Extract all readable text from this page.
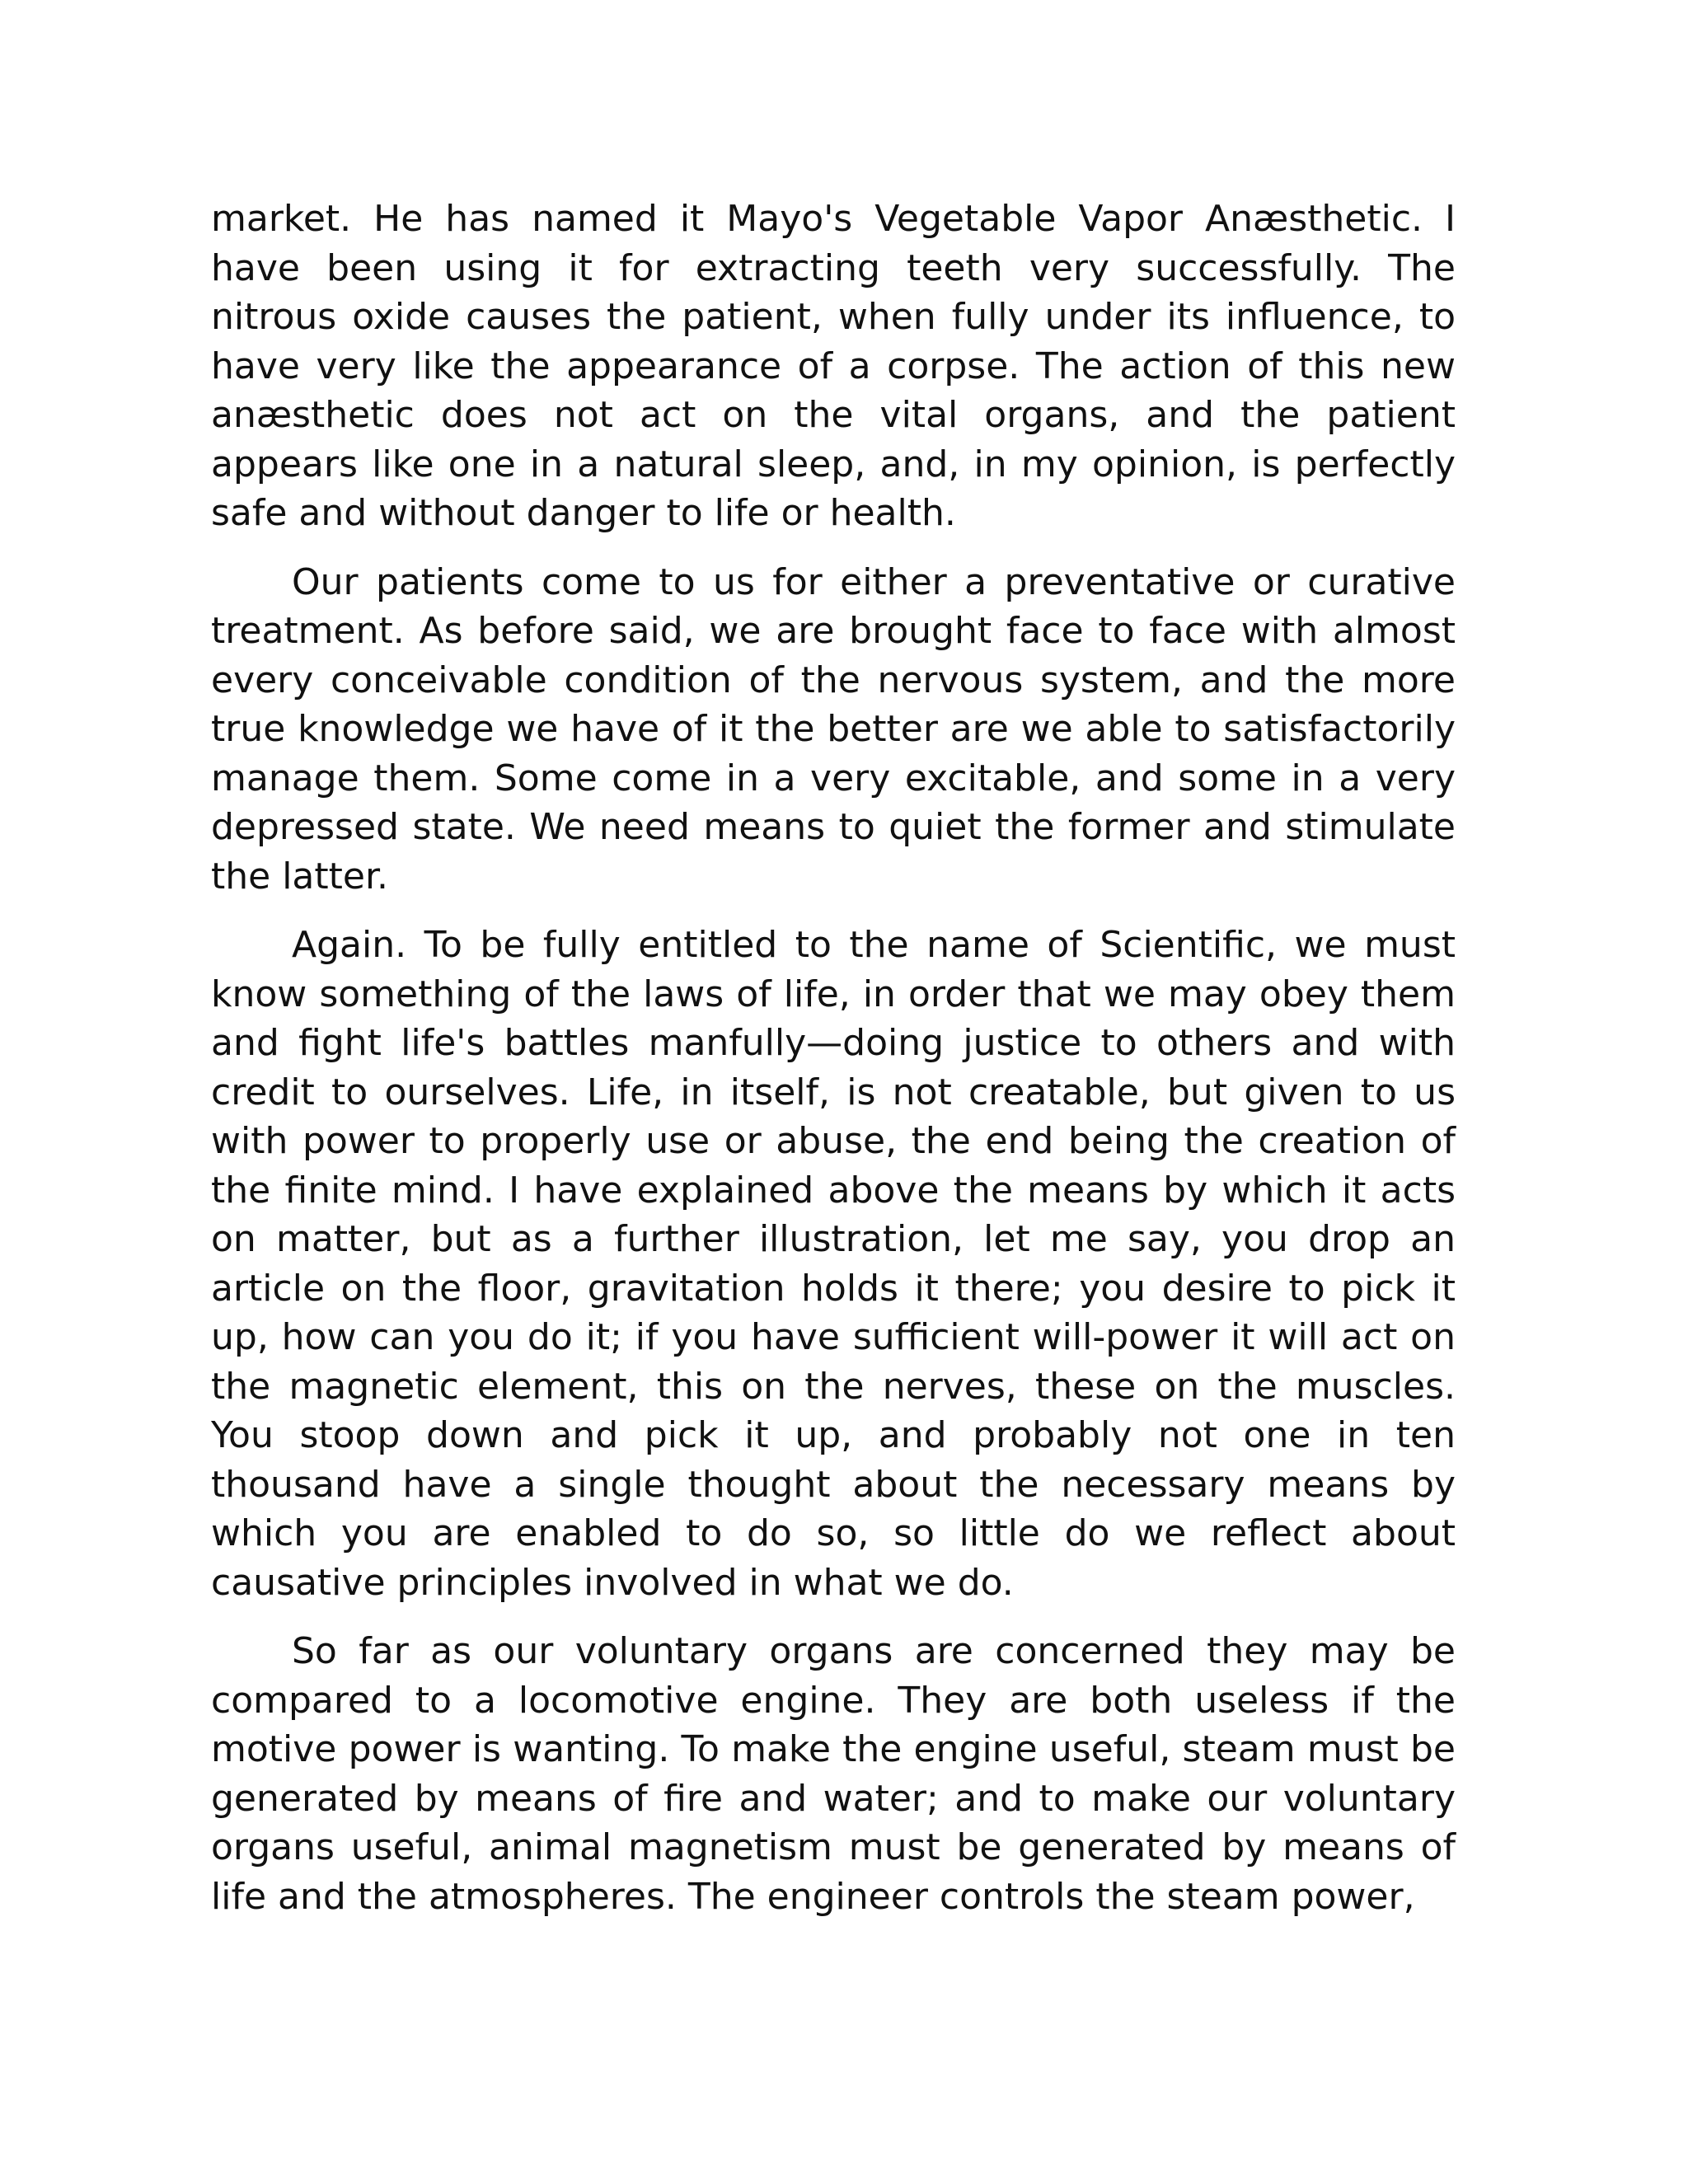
market. He has named it Mayo's Vegetable Vapor Anæsthetic. I have been using it for extracting teeth very successfully. The nitrous oxide causes the patient, when fully under its influence, to have very like the appearance of a corpse. The action of this new anæsthetic does not act on the vital organs, and the patient appears like one in a natural sleep, and, in my opinion, is perfectly safe and without danger to life or health.

Our patients come to us for either a preventative or curative treatment. As before said, we are brought face to face with almost every conceivable condition of the nervous system, and the more true knowledge we have of it the better are we able to satisfactorily manage them. Some come in a very excitable, and some in a very depressed state. We need means to quiet the former and stimulate the latter.

Again. To be fully entitled to the name of Scientific, we must know something of the laws of life, in order that we may obey them and fight life's battles manfully—doing justice to others and with credit to ourselves. Life, in itself, is not creatable, but given to us with power to properly use or abuse, the end being the creation of the finite mind. I have explained above the means by which it acts on matter, but as a further illustration, let me say, you drop an article on the floor, gravitation holds it there; you desire to pick it up, how can you do it; if you have sufficient will-power it will act on the magnetic element, this on the nerves, these on the muscles. You stoop down and pick it up, and probably not one in ten thousand have a single thought about the necessary means by which you are enabled to do so, so little do we reflect about causative principles involved in what we do.

So far as our voluntary organs are concerned they may be compared to a locomotive engine. They are both useless if the motive power is wanting. To make the engine useful, steam must be generated by means of fire and water; and to make our voluntary organs useful, animal magnetism must be generated by means of life and the atmospheres. The engineer controls the steam power,
